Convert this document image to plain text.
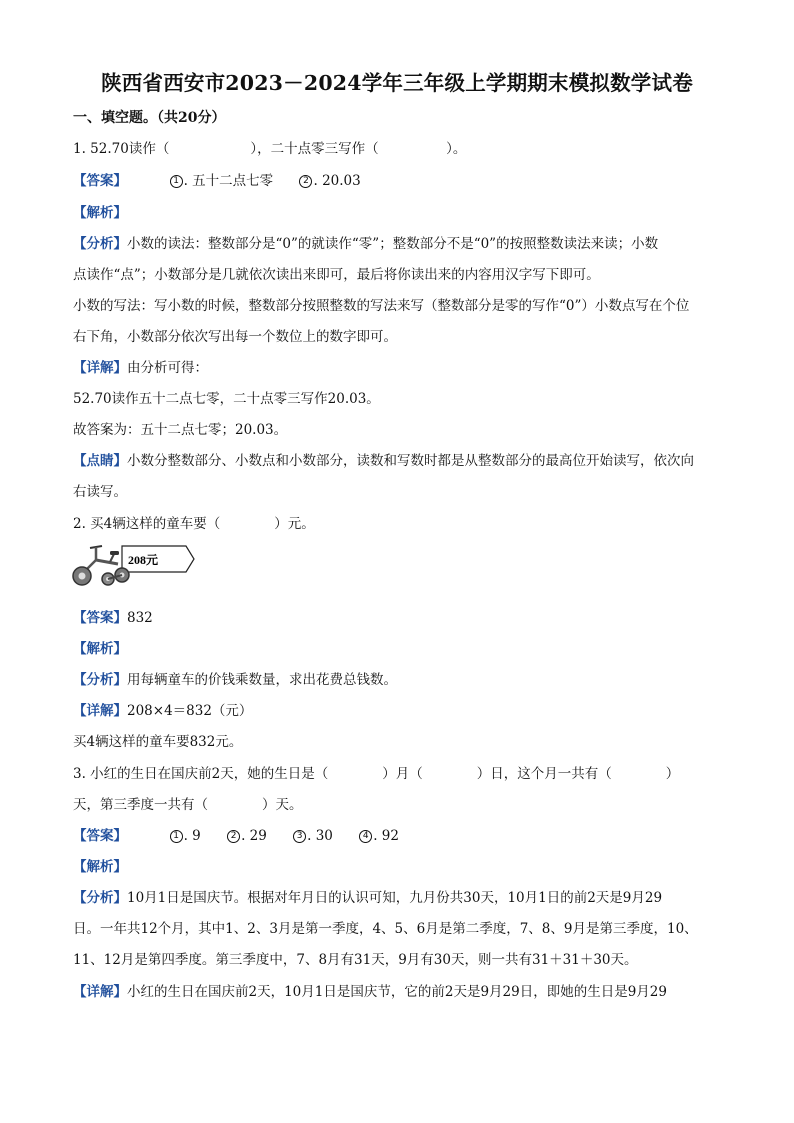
陕西省西安市2023－2024学年三年级上学期期末模拟数学试卷
一、填空题。（共20分）
1. 52.70读作（　　　　　　），二十点零三写作（　　　　　）。
【答案】	1 . 五十二点七零	2 . 20.03
【解析】
【分析】小数的读法：整数部分是“0”的就读作“零”；整数部分不是“0”的按照整数读法来读；小数
点读作“点”；小数部分是几就依次读出来即可，最后将你读出来的内容用汉字写下即可。
小数的写法：写小数的时候，整数部分按照整数的写法来写（整数部分是零的写作“0”）小数点写在个位
右下角，小数部分依次写出每一个数位上的数字即可。
【详解】由分析可得：
52.70读作五十二点七零，二十点零三写作20.03。
故答案为：五十二点七零；20.03。
【点睛】小数分整数部分、小数点和小数部分，读数和写数时都是从整数部分的最高位开始读写，依次向
右读写。
2. 买4辆这样的童车要（　　　　）元。
208元
【答案】832
【解析】
【分析】用每辆童车的价钱乘数量，求出花费总钱数。
【详解】208×4＝832（元）
买4辆这样的童车要832元。
3. 小红的生日在国庆前2天，她的生日是（　　　　）月（　　　　）日，这个月一共有（　　　　）
天，第三季度一共有（　　　　）天。
【答案】	1 . 9	2 . 29	3 . 30	4 . 92
【解析】
【分析】10月1日是国庆节。根据对年月日的认识可知，九月份共30天，10月1日的前2天是9月29
日。一年共12个月，其中1、2、3月是第一季度，4、5、6月是第二季度，7、8、9月是第三季度，10、
11、12月是第四季度。第三季度中，7、8月有31天，9月有30天，则一共有31＋31＋30天。
【详解】小红的生日在国庆前2天，10月1日是国庆节，它的前2天是9月29日，即她的生日是9月29
